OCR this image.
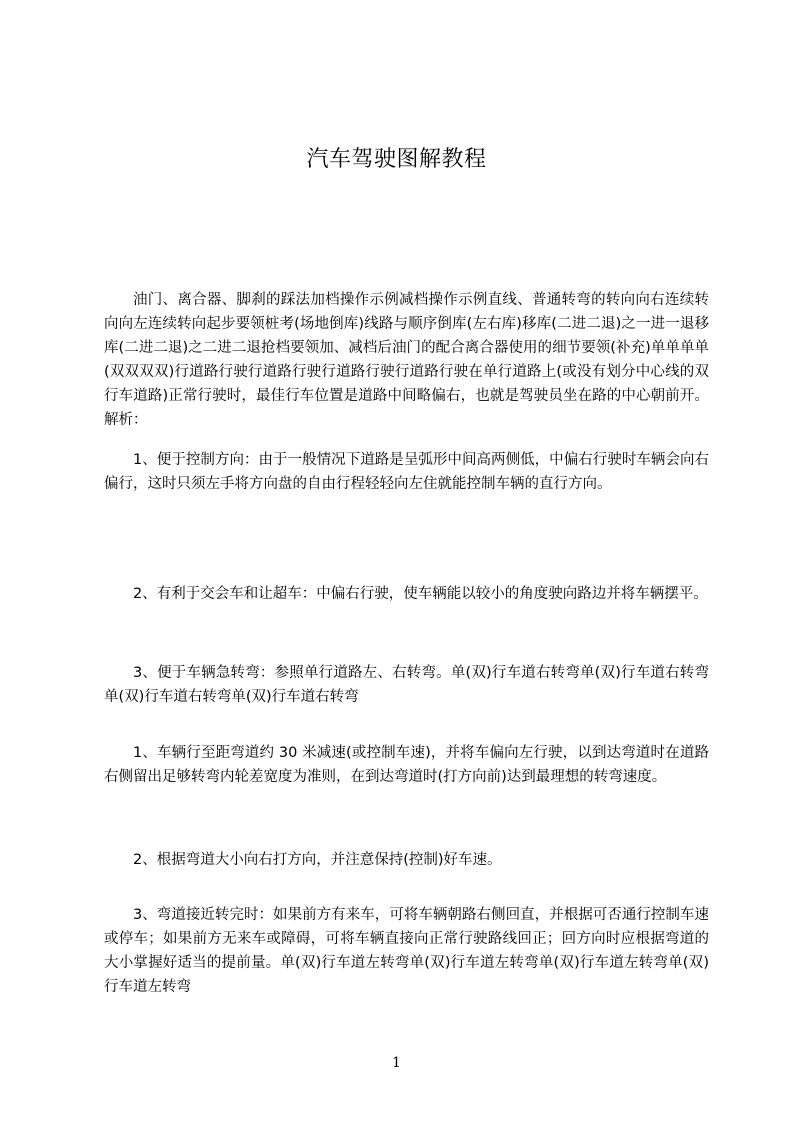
汽车驾驶图解教程

油门、离合器、脚刹的踩法加档操作示例减档操作示例直线、普通转弯的转向向右连续转向向左连续转向起步要领桩考(场地倒库)线路与顺序倒库(左右库)移库(二进二退)之一进一退移库(二进二退)之二进二退抢档要领加、减档后油门的配合离合器使用的细节要领(补充)单单单单(双双双双)行道路行驶行道路行驶行道路行驶行道路行驶在单行道路上(或没有划分中心线的双行车道路)正常行驶时，最佳行车位置是道路中间略偏右，也就是驾驶员坐在路的中心朝前开。解析：

1、便于控制方向：由于一般情况下道路是呈弧形中间高两侧低，中偏右行驶时车辆会向右偏行，这时只须左手将方向盘的自由行程轻轻向左住就能控制车辆的直行方向。

2、有利于交会车和让超车：中偏右行驶，使车辆能以较小的角度驶向路边并将车辆摆平。

3、便于车辆急转弯：参照单行道路左、右转弯。单(双)行车道右转弯单(双)行车道右转弯单(双)行车道右转弯单(双)行车道右转弯

1、车辆行至距弯道约 30 米减速(或控制车速)，并将车偏向左行驶，以到达弯道时在道路右侧留出足够转弯内轮差宽度为准则，在到达弯道时(打方向前)达到最理想的转弯速度。

2、根据弯道大小向右打方向，并注意保持(控制)好车速。

3、弯道接近转完时：如果前方有来车，可将车辆朝路右侧回直，并根据可否通行控制车速或停车；如果前方无来车或障碍，可将车辆直接向正常行驶路线回正；回方向时应根据弯道的大小掌握好适当的提前量。单(双)行车道左转弯单(双)行车道左转弯单(双)行车道左转弯单(双)行车道左转弯

1
